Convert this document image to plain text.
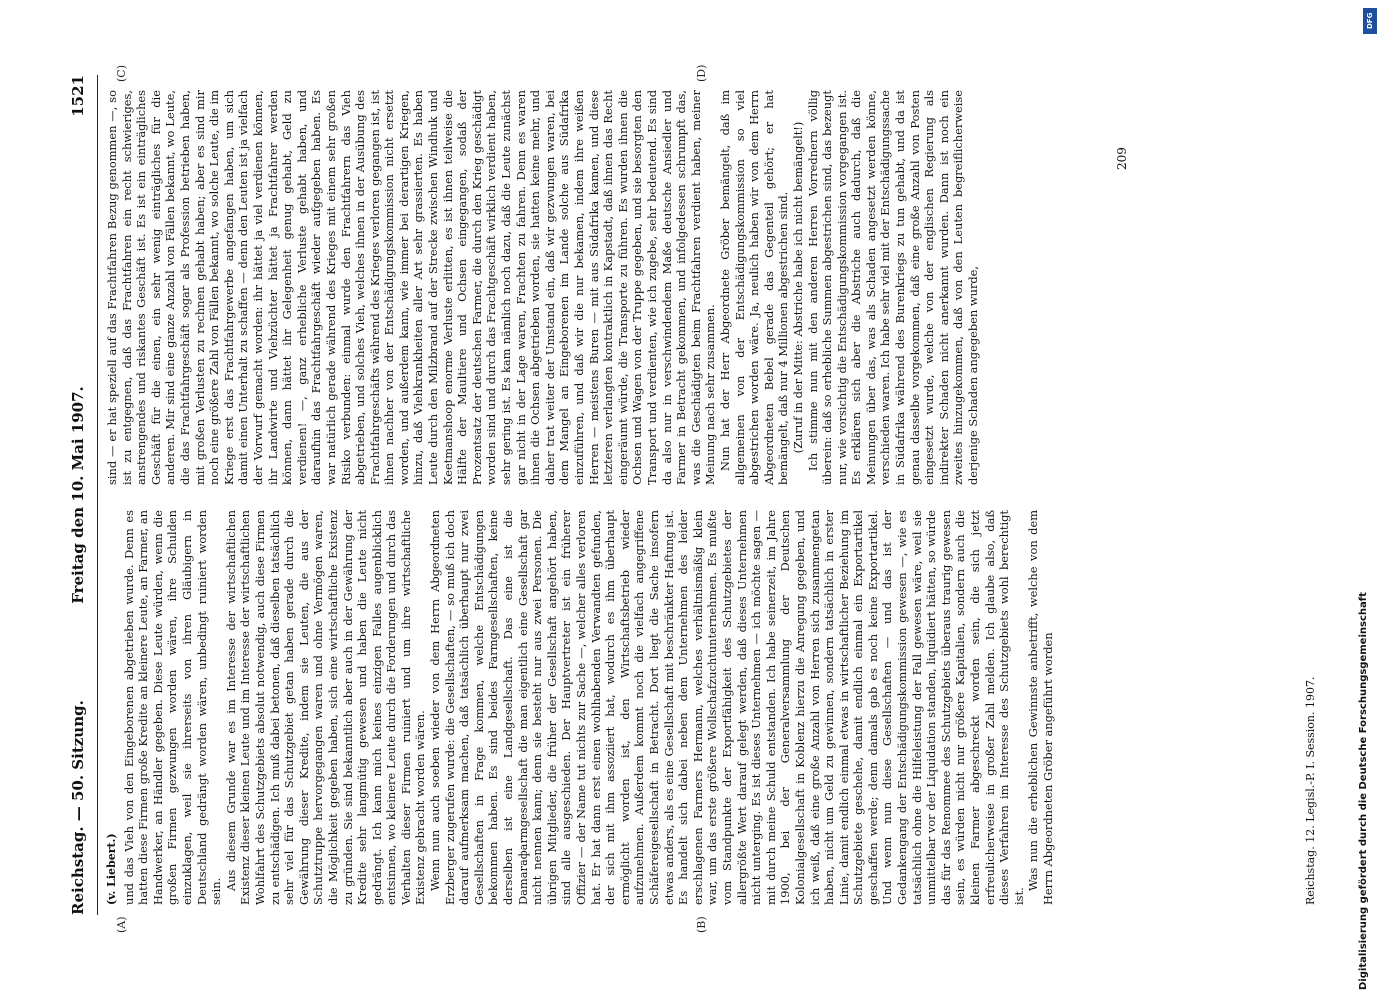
Reichstag. — 50. Sitzung.
Freitag den 10. Mai 1907.
1521
(v. Liebert.) und das Vieh von den Eingeborenen abgetrieben wurde. Denn es hatten diese Firmen große Kredite an kleinere Leute, an Farmer, an Handwerker, an Händler gegeben. Diese Leute würden, wenn die großen Firmen gezwungen worden wären, ihre Schulden einzuklagen, weil sie ihrerseits von ihren Gläubigern in Deutschland gedrängt worden wären, unbedingt ruiniert worden sein.

Aus diesem Grunde war es im Interesse der wirtschaftlichen Existenz dieser kleinen Leute und im Interesse der wirtschaftlichen Wohlfahrt des Schutzgebiets absolut notwendig, auch diese Firmen zu entschädigen. Ich muß dabei betonen, daß dieselben tatsächlich sehr viel für das Schutzgebiet getan haben gerade durch die Gewährung dieser Kredite, indem sie Leuten, die aus der Schutztruppe hervorgegangen waren und ohne Vermögen waren, die Möglichkeit gegeben haben, sich eine wirtschaftliche Existenz zu gründen. Sie sind bekanntlich aber auch in der Gewährung der Kredite sehr langmütig gewesen und haben die Leute nicht gedrängt. Ich kann mich keines einzigen Falles augenblicklich entsinnen, wo kleinere Leute durch die Forderungen und durch das Verhalten dieser Firmen ruiniert und um ihre wirtschaftliche Existenz gebracht worden wären. Wenn nun auch soeben wieder von dem Herrn Abgeordneten Erzberger zugerufen wurde: die Gesellschaften, — so muß ich doch darauf aufmerksam machen, daß tatsächlich überhaupt nur zwei Gesellschaften in Frage kommen, welche Entschädigungen bekommen haben. Es sind beides Farmgesellschaften, keine derselben ist eine Landgesellschaft. Das eine ist die Damaraфarmgesellschaft die man eigentlich eine Gesellschaft gar nicht nennen kann; denn sie besteht nur aus zwei Personen. Die übrigen Mitglieder, die früher der Gesellschaft angehört haben, sind alle ausgeschieden. Der Hauptvertreter ist ein früherer Offizier — der Name tut nichts zur Sache —, welcher alles verloren hat. Er hat dann erst einen wohlhabenden Verwandten gefunden, der sich mit ihm assoziiert hat, wodurch es ihm überhaupt ermöglicht worden ist, den Wirtschaftsbetrieb wieder aufzunehmen. Außerdem kommt noch die vielfach angegriffene Schäfereigesellschaft in Betracht. Dort liegt die Sache insofern etwas anders, als es eine Gesellschaft mit beschränkter Haftung ist. Es handelt sich dabei neben dem Unternehmen des leider erschlagenen Farmers Hermann, welches verhältnismäßig klein war, um das erste größere Wollschafzuchtunternehmen. Es mußte vom Standpunkte der Exportfähigkeit des Schutzgebietes der allergrößte Wert darauf gelegt werden, daß dieses Unternehmen nicht unterging. Es ist dieses Unternehmen — ich möchte sagen — mit durch meine Schuld entstanden. Ich habe seinerzeit, im Jahre 1900, bei der Generalversammlung der Deutschen Kolonialgesellschaft in Koblenz hierzu die Anregung gegeben, und ich weiß, daß eine große Anzahl von Herren sich zusammengetan haben, nicht um Geld zu gewinnen, sondern tatsächlich in erster Linie, damit endlich einmal etwas in wirtschaftlicher Beziehung im Schutzgebiete geschehe, damit endlich einmal ein Exportartikel geschaffen werde; denn damals gab es noch keine Exportartikel. Und wenn nun diese Gesellschaften — und das ist der Gedankengang der Entschädigungskommission gewesen —, wie es tatsächlich ohne die Hilfeleistung der Fall gewesen wäre, weil sie unmittelbar vor der Liquidation standen, liquidiert hätten, so würde das für das Renommee des Schutzgebiets überaus traurig gewesen sein, es würden nicht nur größere Kapitalien, sondern auch die kleinen Farmer abgeschreckt worden sein, die sich jetzt erfreulicherweise in großer Zahl melden. Ich glaube also, daß dieses Verfahren im Interesse des Schutzgebiets wohl berechtigt ist.

Was nun die erheblichen Gewinnste anbetrifft, welche von dem Herrn Abgeordneten Gröber angeführt worden

sind — er hat speziell auf das Frachtfahren Bezug genommen —, so ist zu entgegnen, daß das Frachtfahren ein recht schwieriges, anstrengendes und riskantes Geschäft ist. Es ist ein einträgliches Geschäft für die einen, ein sehr wenig einträgliches für die anderen. Mir sind eine ganze Anzahl von Fällen bekannt, wo Leute, die das Frachtfahrgeschäft sogar als Profession betrieben haben, mit großen Verlusten zu rechnen gehabt haben; aber es sind mir noch eine größere Zahl von Fällen bekannt, wo solche Leute, die im Kriege erst das Frachtfahrgewerbe angefangen haben, um sich damit einen Unterhalt zu schaffen — denn den Leuten ist ja vielfach der Vorwurf gemacht worden: ihr hättet ja viel verdienen können, ihr Landwirte und Viehzüchter hättet ja Frachtfahrer werden können, dann hättet ihr Gelegenheit genug gehabt, Geld zu verdienen! —, ganz erhebliche Verluste gehabt haben, und daraufhin das Frachtfahrgeschäft wieder aufgegeben haben. Es war natürlich gerade während des Krieges mit einem sehr großen Risiko verbunden: einmal wurde den Frachtfahrern das Vieh abgetrieben, und solches Vieh, welches ihnen in der Ausübung des Frachtfahrgeschäfts während des Krieges verloren gegangen ist, ist ihnen nachher von der Entschädigungskommission nicht ersetzt worden, und außerdem kann, wie immer bei derartigen Kriegen, hinzu, daß Viehkrankheiten aller Art sehr grassierten. Es haben Leute durch den Milzbrand auf der Strecke zwischen Windhuk und Keetmanshoop enorme Verluste erlitten, es ist ihnen teilweise die Hälfte der Maultiere und Ochsen eingegangen, sodaß der Prozentsatz der deutschen Farmer, die durch den Krieg geschädigt worden sind und durch das Frachtgeschäft wirklich verdient haben, sehr gering ist. Es kam nämlich noch dazu, daß die Leute zunächst gar nicht in der Lage waren, Frachten zu fahren. Denn es waren ihnen die Ochsen abgetrieben worden, sie hatten keine mehr, und daher trat weiter der Umstand ein, daß wir gezwungen waren, bei dem Mangel an Eingeborenen im Lande solche aus Südafrika einzuführen, und daß wir die nur bekamen, indem ihre weißen Herren — meistens Buren — mit aus Südafrika kamen, und diese letzteren verlangten kontraktlich in Kapstadt, daß ihnen das Recht eingeräumt würde, die Transporte zu führen. Es wurden ihnen die Ochsen und Wagen von der Truppe gegeben, und sie besorgten den Transport und verdienten, wie ich zugebe, sehr bedeutend. Es sind da also nur in verschwindendem Maße deutsche Ansiedler und Farmer in Betracht gekommen, und infolgedessen schrumpft das, was die Geschädigten beim Frachtfahren verdient haben, meiner Meinung nach sehr zusammen. Nun hat der Herr Abgeordnete Gröber bemängelt, daß im allgemeinen von der Entschädigungskommission so viel abgestrichen worden wäre. Ja, neulich haben wir von dem Herrn Abgeordneten Bebel gerade das Gegenteil gehört; er hat bemängelt, daß nur 4 Millionen abgestrichen sind. (Zuruf in der Mitte: Abstriche habe ich nicht bemängelt!) Ich stimme nun mit den anderen Herren Vorrednern völlig überein: daß so erhebliche Summen abgestrichen sind, das bezeugt nur, wie vorsichtig die Entschädigungskommission vorgegangen ist. Es erklären sich aber die Abstriche auch dadurch, daß die Meinungen über das, was als Schaden angesetzt werden könne, verschieden waren. Ich habe sehr viel mit der Entschädigungssache in Südafrika während des Burenkriegs zu tun gehabt, und da ist genau dasselbe vorgekommen, daß eine große Anzahl von Posten eingesetzt wurde, welche von der englischen Regierung als indirekter Schaden nicht anerkannt wurden. Dann ist noch ein zweites hinzugekommen, daß von den Leuten begreiflicherweise derjenige Schaden angegeben wurde,

(A)	(B)
(C)	(D)
209
Reichstag. 12. Legisl.-P. I. Session. 1907.
DFG
Digitalisierung gefördert durch die Deutsche Forschungsgemeinschaft
